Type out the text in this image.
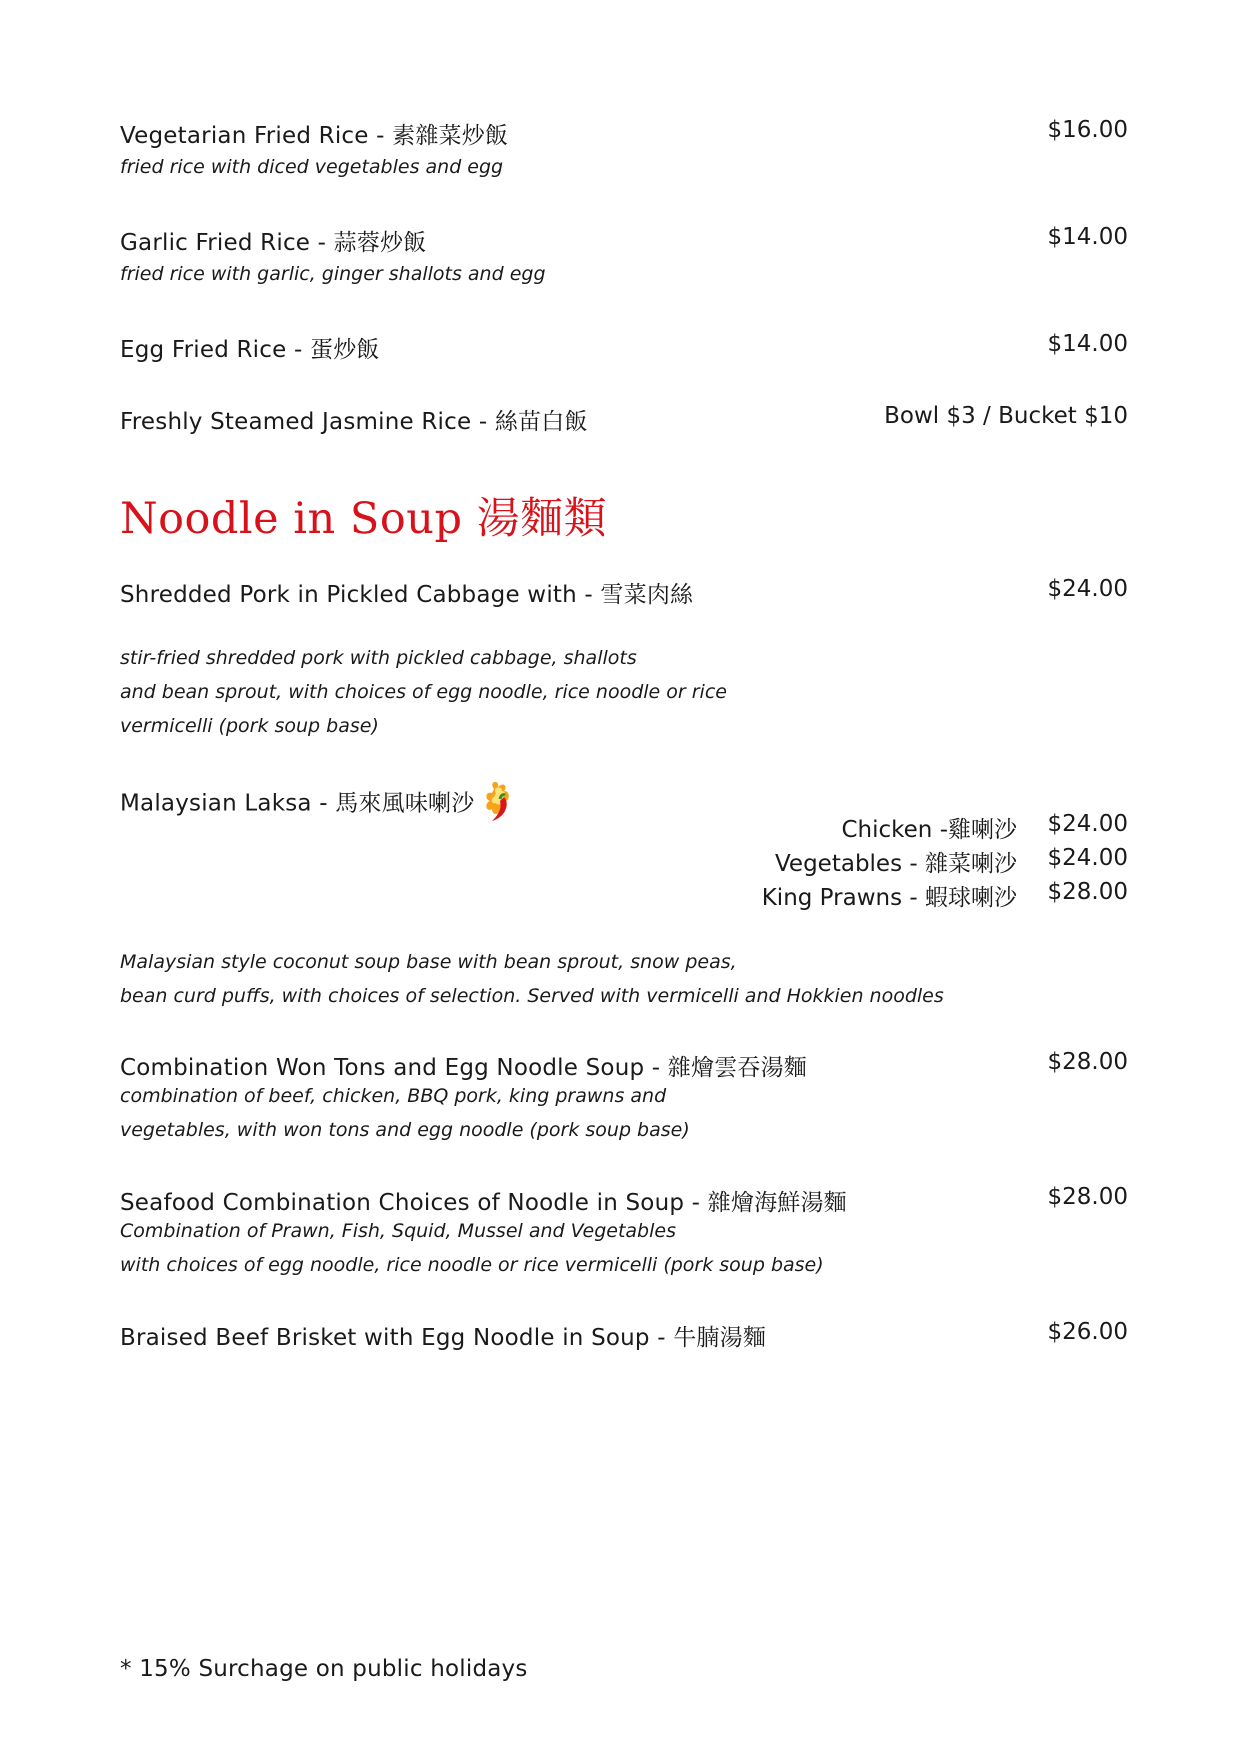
Vegetarian Fried Rice - 素雜菜炒飯	$16.00
fried rice with diced vegetables and egg
Garlic Fried Rice - 蒜蓉炒飯	$14.00
fried rice with garlic, ginger shallots and egg
Egg Fried Rice - 蛋炒飯	$14.00
Freshly Steamed Jasmine Rice - 絲苗白飯	Bowl $3 / Bucket $10
Noodle in Soup 湯麵類
Shredded Pork in Pickled Cabbage with - 雪菜肉絲	$24.00
stir-fried shredded pork with pickled cabbage, shallots
and bean sprout, with choices of egg noodle, rice noodle or rice
vermicelli (pork soup base)
Malaysian Laksa - 馬來風味喇沙
Chicken -雞喇沙 $24.00
Vegetables - 雜菜喇沙 $24.00
King Prawns - 蝦球喇沙 $28.00
Malaysian style coconut soup base with bean sprout, snow peas,
bean curd puffs, with choices of selection. Served with vermicelli and Hokkien noodles
Combination Won Tons and Egg Noodle Soup - 雜燴雲吞湯麵	$28.00
combination of beef, chicken, BBQ pork, king prawns and
vegetables, with won tons and egg noodle (pork soup base)
Seafood Combination Choices of Noodle in Soup - 雜燴海鮮湯麵	$28.00
Combination of Prawn, Fish, Squid, Mussel and Vegetables
with choices of egg noodle, rice noodle or rice vermicelli (pork soup base)
Braised Beef Brisket with Egg Noodle in Soup - 牛腩湯麵	$26.00
* 15% Surchage on public holidays
